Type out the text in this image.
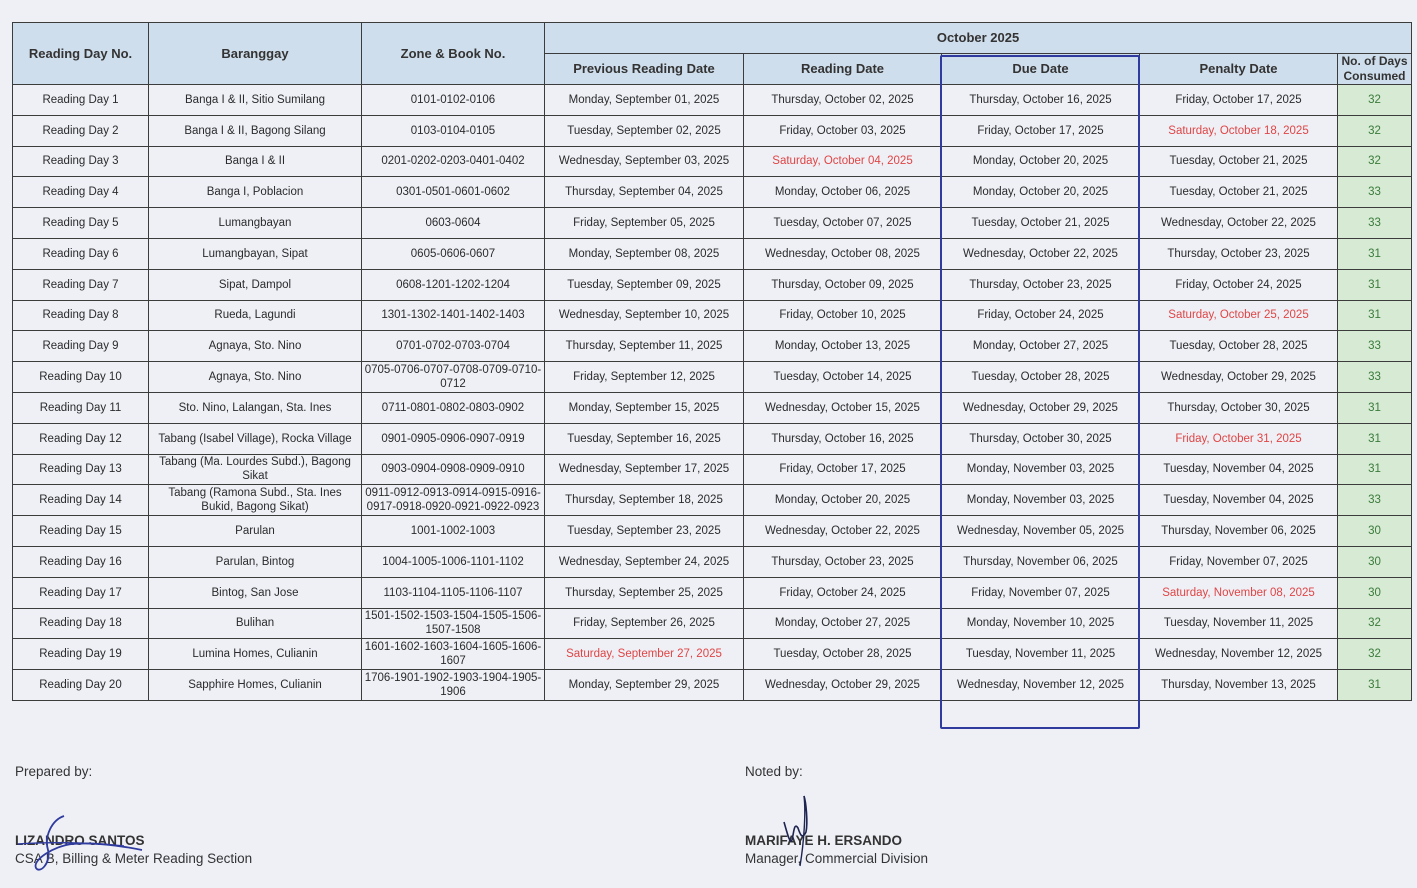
Reading Day No.	Baranggay	Zone & Book No.	October 2025				
			Previous Reading Date	Reading Date	Due Date	Penalty Date	No. of Days Consumed
Reading Day 1	Banga I & II, Sitio Sumilang	0101-0102-0106	Monday, September 01, 2025	Thursday, October 02, 2025	Thursday, October 16, 2025	Friday, October 17, 2025	32
Reading Day 2	Banga I & II, Bagong Silang	0103-0104-0105	Tuesday, September 02, 2025	Friday, October 03, 2025	Friday, October 17, 2025	Saturday, October 18, 2025	32
Reading Day 3	Banga I & II	0201-0202-0203-0401-0402	Wednesday, September 03, 2025	Saturday, October 04, 2025	Monday, October 20, 2025	Tuesday, October 21, 2025	32
Reading Day 4	Banga I, Poblacion	0301-0501-0601-0602	Thursday, September 04, 2025	Monday, October 06, 2025	Monday, October 20, 2025	Tuesday, October 21, 2025	33
Reading Day 5	Lumangbayan	0603-0604	Friday, September 05, 2025	Tuesday, October 07, 2025	Tuesday, October 21, 2025	Wednesday, October 22, 2025	33
Reading Day 6	Lumangbayan, Sipat	0605-0606-0607	Monday, September 08, 2025	Wednesday, October 08, 2025	Wednesday, October 22, 2025	Thursday, October 23, 2025	31
Reading Day 7	Sipat, Dampol	0608-1201-1202-1204	Tuesday, September 09, 2025	Thursday, October 09, 2025	Thursday, October 23, 2025	Friday, October 24, 2025	31
Reading Day 8	Rueda, Lagundi	1301-1302-1401-1402-1403	Wednesday, September 10, 2025	Friday, October 10, 2025	Friday, October 24, 2025	Saturday, October 25, 2025	31
Reading Day 9	Agnaya, Sto. Nino	0701-0702-0703-0704	Thursday, September 11, 2025	Monday, October 13, 2025	Monday, October 27, 2025	Tuesday, October 28, 2025	33
Reading Day 10	Agnaya, Sto. Nino	0705-0706-0707-0708-0709-0710-0712	Friday, September 12, 2025	Tuesday, October 14, 2025	Tuesday, October 28, 2025	Wednesday, October 29, 2025	33
Reading Day 11	Sto. Nino, Lalangan, Sta. Ines	0711-0801-0802-0803-0902	Monday, September 15, 2025	Wednesday, October 15, 2025	Wednesday, October 29, 2025	Thursday, October 30, 2025	31
Reading Day 12	Tabang (Isabel Village), Rocka Village	0901-0905-0906-0907-0919	Tuesday, September 16, 2025	Thursday, October 16, 2025	Thursday, October 30, 2025	Friday, October 31, 2025	31
Reading Day 13	Tabang (Ma. Lourdes Subd.), Bagong Sikat	0903-0904-0908-0909-0910	Wednesday, September 17, 2025	Friday, October 17, 2025	Monday, November 03, 2025	Tuesday, November 04, 2025	31
Reading Day 14	Tabang (Ramona Subd., Sta. Ines Bukid, Bagong Sikat)	0911-0912-0913-0914-0915-0916-0917-0918-0920-0921-0922-0923	Thursday, September 18, 2025	Monday, October 20, 2025	Monday, November 03, 2025	Tuesday, November 04, 2025	33
Reading Day 15	Parulan	1001-1002-1003	Tuesday, September 23, 2025	Wednesday, October 22, 2025	Wednesday, November 05, 2025	Thursday, November 06, 2025	30
Reading Day 16	Parulan, Bintog	1004-1005-1006-1101-1102	Wednesday, September 24, 2025	Thursday, October 23, 2025	Thursday, November 06, 2025	Friday, November 07, 2025	30
Reading Day 17	Bintog, San Jose	1103-1104-1105-1106-1107	Thursday, September 25, 2025	Friday, October 24, 2025	Friday, November 07, 2025	Saturday, November 08, 2025	30
Reading Day 18	Bulihan	1501-1502-1503-1504-1505-1506-1507-1508	Friday, September 26, 2025	Monday, October 27, 2025	Monday, November 10, 2025	Tuesday, November 11, 2025	32
Reading Day 19	Lumina Homes, Culianin	1601-1602-1603-1604-1605-1606-1607	Saturday, September 27, 2025	Tuesday, October 28, 2025	Tuesday, November 11, 2025	Wednesday, November 12, 2025	32
Reading Day 20	Sapphire Homes, Culianin	1706-1901-1902-1903-1904-1905-1906	Monday, September 29, 2025	Wednesday, October 29, 2025	Wednesday, November 12, 2025	Thursday, November 13, 2025	31
Prepared by:
LIZANDRO SANTOS
CSA B, Billing & Meter Reading Section
Noted by:
MARIFAYE H. ERSANDO
Manager, Commercial Division
